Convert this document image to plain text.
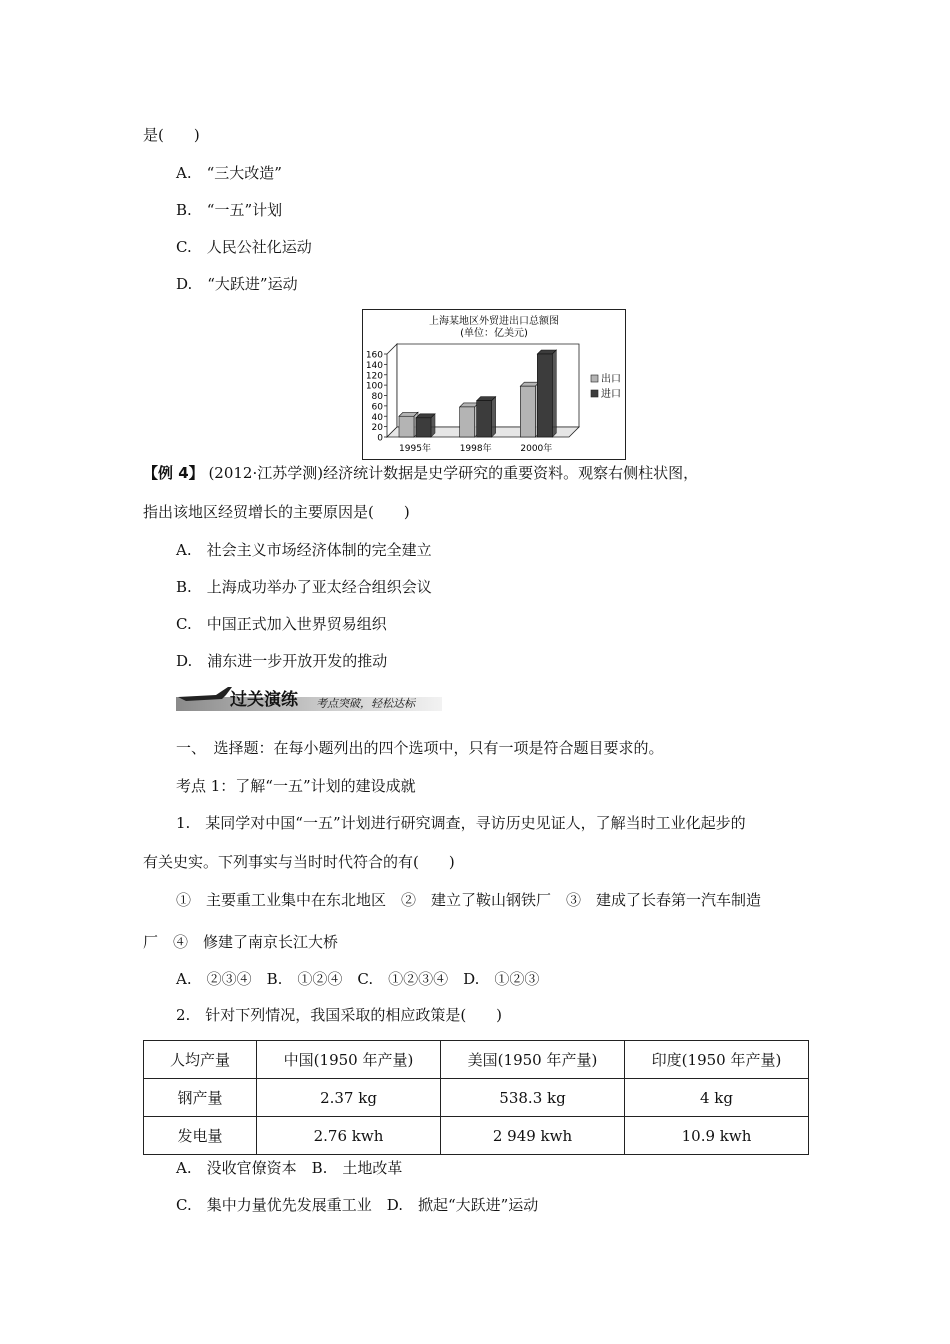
是(　　)
A.　“三大改造”
B.　“一五”计划
C.　人民公社化运动
D.　“大跃进”运动
上海某地区外贸进出口总额图
(单位：亿美元)
0
20
40
60
80
100
120
140
160
1995年	1998年	2000年
出口
进口
【例 4】 (2012·江苏学测)经济统计数据是史学研究的重要资料。观察右侧柱状图，
指出该地区经贸增长的主要原因是(　　)
A.　社会主义市场经济体制的完全建立
B.　上海成功举办了亚太经合组织会议
C.　中国正式加入世界贸易组织
D.　浦东进一步开放开发的推动
过关演练 考点突破，轻松达标
一、　选择题：在每小题列出的四个选项中，只有一项是符合题目要求的。
考点 1：了解“一五”计划的建设成就
1.　某同学对中国“一五”计划进行研究调查，寻访历史见证人，了解当时工业化起步的
有关史实。下列事实与当时时代符合的有(　　)
①　主要重工业集中在东北地区　②　建立了鞍山钢铁厂　③　建成了长春第一汽车制造
厂　④　修建了南京长江大桥
A.　②③④　B.　①②④　C.　①②③④　D.　①②③
2.　针对下列情况，我国采取的相应政策是(　　)
人均产量	中国(1950 年产量)	美国(1950 年产量)	印度(1950 年产量)
钢产量	2.37 kg	538.3 kg	4 kg
发电量	2.76 kwh	2 949 kwh	10.9 kwh
A.　没收官僚资本　B.　土地改革
C.　集中力量优先发展重工业　D.　掀起“大跃进”运动
